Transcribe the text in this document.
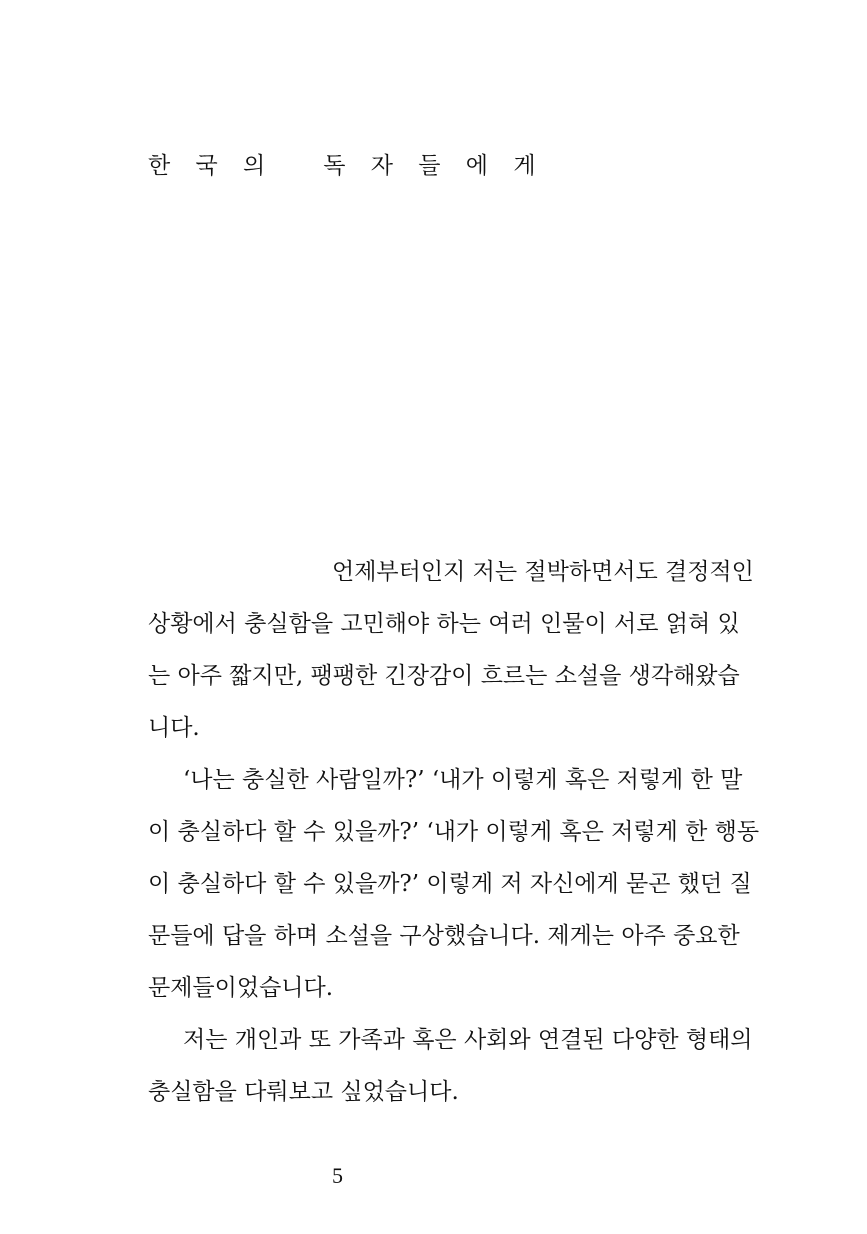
한 국 의   독 자 들 에 게
언제부터인지 저는 절박하면서도 결정적인
상황에서 충실함을 고민해야 하는 여러 인물이 서로 얽혀 있
는 아주 짧지만, 팽팽한 긴장감이 흐르는 소설을 생각해왔습
니다.
‘나는 충실한 사람일까?’ ‘내가 이렇게 혹은 저렇게 한 말
이 충실하다 할 수 있을까?’ ‘내가 이렇게 혹은 저렇게 한 행동
이 충실하다 할 수 있을까?’ 이렇게 저 자신에게 묻곤 했던 질
문들에 답을 하며 소설을 구상했습니다. 제게는 아주 중요한
문제들이었습니다.
저는 개인과 또 가족과 혹은 사회와 연결된 다양한 형태의
충실함을 다뤄보고 싶었습니다.
5
